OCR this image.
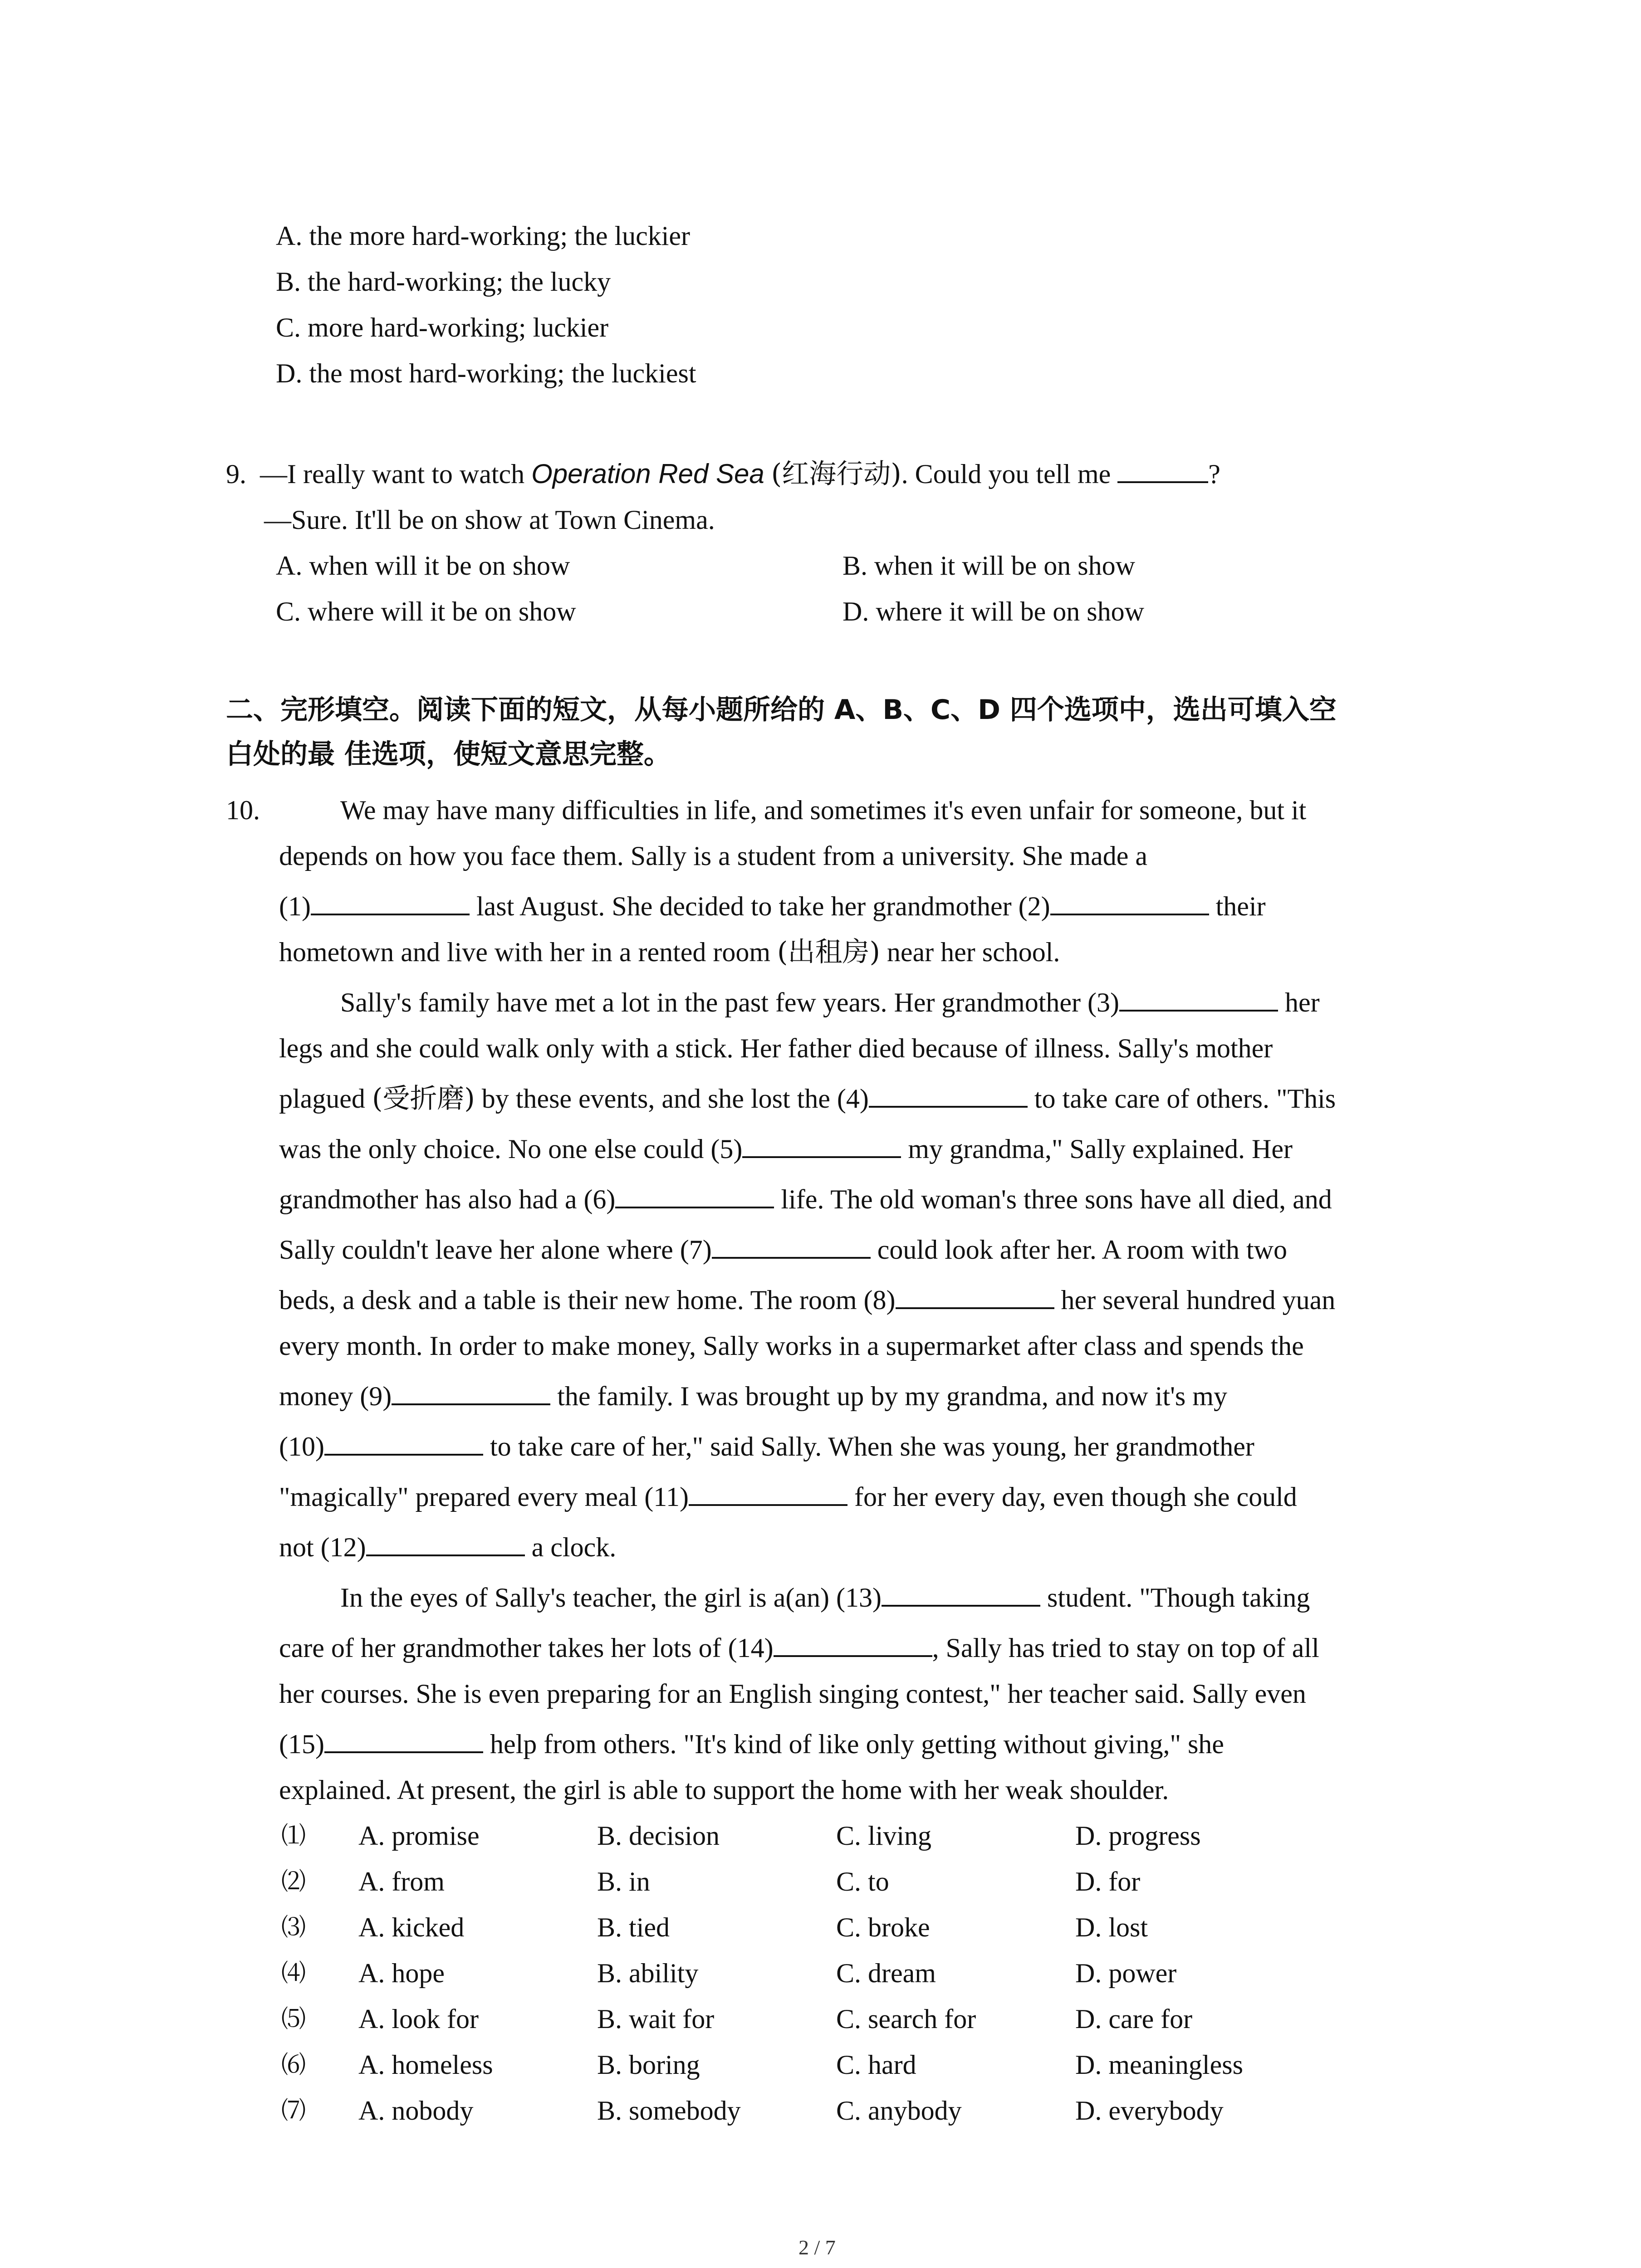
A. the more hard-working; the luckier
B. the hard-working; the lucky
C. more hard-working; luckier
D. the most hard-working; the luckiest
9. —I really want to watch Operation Red Sea (红海行动). Could you tell me	?
—Sure. It'll be on show at Town Cinema.
A. when will it be on show	B. when it will be on show
C. where will it be on show	D. where it will be on show
二、完形填空。阅读下面的短文，从每小题所给的 A、B、C、D 四个选项中，选出可填入空
白处的最 佳选项，使短文意思完整。
10.	We may have many difficulties in life, and sometimes it's even unfair for someone, but it
depends on how you face them. Sally is a student from a university. She made a
(1)	last August. She decided to take her grandmother (2)	their
hometown and live with her in a rented room (出租房) near her school.
Sally's family have met a lot in the past few years. Her grandmother (3)	her
legs and she could walk only with a stick. Her father died because of illness. Sally's mother
plagued (受折磨) by these events, and she lost the (4)	to take care of others. "This
was the only choice. No one else could (5)	my grandma," Sally explained. Her
grandmother has also had a (6)	life. The old woman's three sons have all died, and
Sally couldn't leave her alone where (7)	could look after her. A room with two
beds, a desk and a table is their new home. The room (8)	her several hundred yuan
every month. In order to make money, Sally works in a supermarket after class and spends the
money (9)	the family. I was brought up by my grandma, and now it's my
(10)	to take care of her," said Sally. When she was young, her grandmother
"magically" prepared every meal (11)	for her every day, even though she could
not (12)	a clock.
In the eyes of Sally's teacher, the girl is a(an) (13)	student. "Though taking
care of her grandmother takes her lots of (14)	, Sally has tried to stay on top of all
her courses. She is even preparing for an English singing contest," her teacher said. Sally even
(15)	help from others. "It's kind of like only getting without giving," she
explained. At present, the girl is able to support the home with her weak shoulder.
⑴ A. promise	B. decision	C. living	D. progress
⑵ A. from	B. in	C. to	D. for
⑶ A. kicked	B. tied	C. broke	D. lost
⑷ A. hope	B. ability	C. dream	D. power
⑸ A. look for	B. wait for	C. search for	D. care for
⑹ A. homeless	B. boring	C. hard	D. meaningless
⑺ A. nobody	B. somebody	C. anybody	D. everybody
2 / 7
